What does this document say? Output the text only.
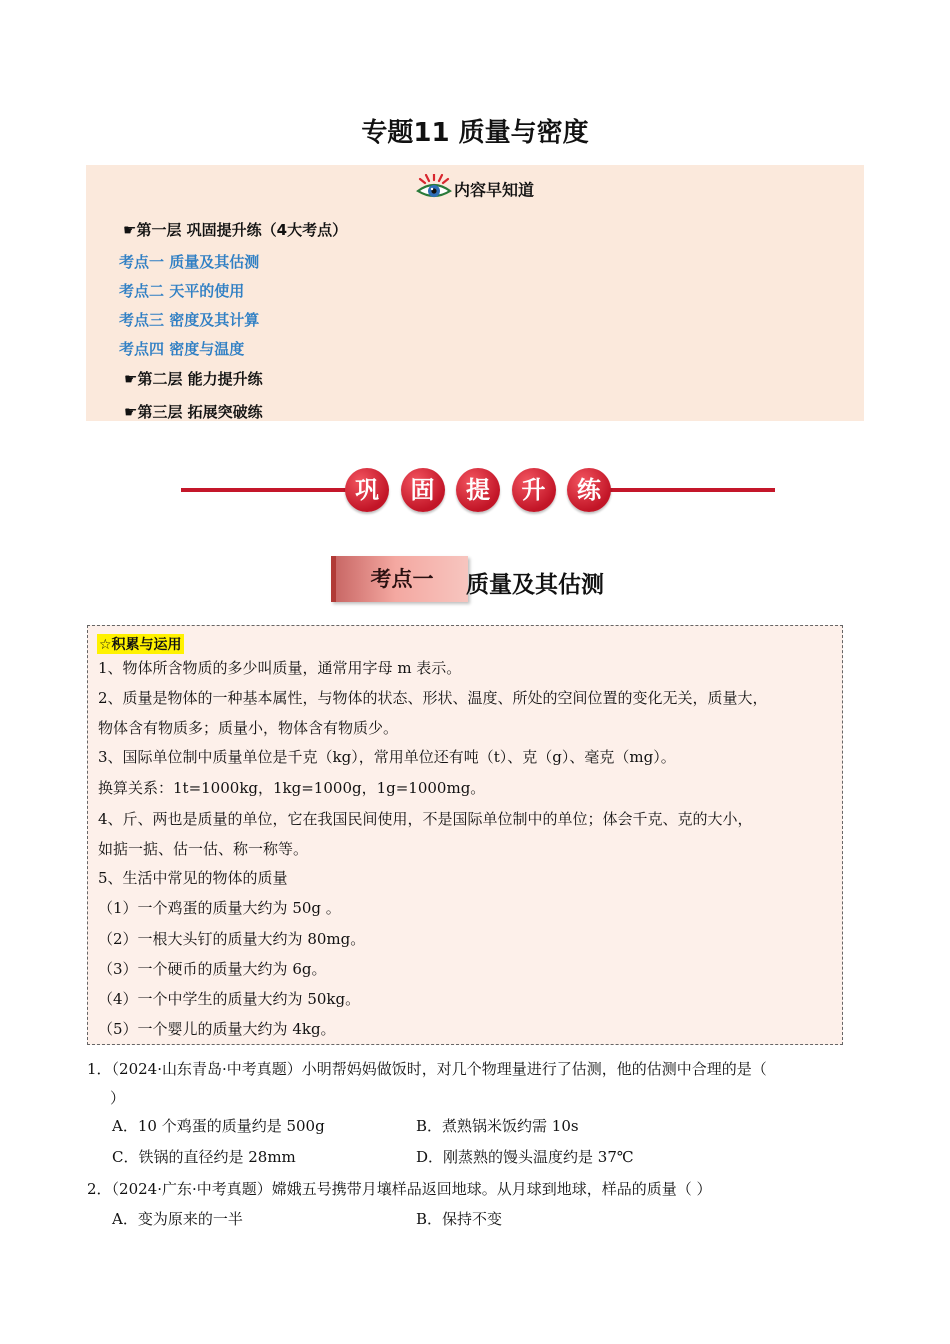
专题11 质量与密度
内容早知道
☛第一层 巩固提升练（4大考点）
考点一 质量及其估测
考点二 天平的使用
考点三 密度及其计算
考点四 密度与温度
☛第二层 能力提升练
☛第三层 拓展突破练
巩	固	提	升	练
考点一	质量及其估测
☆积累与运用
1、物体所含物质的多少叫质量，通常用字母 m 表示。
2、质量是物体的一种基本属性，与物体的状态、形状、温度、所处的空间位置的变化无关，质量大，
物体含有物质多；质量小，物体含有物质少。
3、国际单位制中质量单位是千克（kg），常用单位还有吨（t）、克（g）、毫克（mg）。
换算关系：1t=1000kg，1kg=1000g，1g=1000mg。
4、斤、两也是质量的单位，它在我国民间使用，不是国际单位制中的单位；体会千克、克的大小，
如掂一掂、估一估、称一称等。
5、生活中常见的物体的质量
（1）一个鸡蛋的质量大约为 50g 。
（2）一根大头钉的质量大约为 80mg。
（3）一个硬币的质量大约为 6g。
（4）一个中学生的质量大约为 50kg。
（5）一个婴儿的质量大约为 4kg。
1．（2024·山东青岛·中考真题）小明帮妈妈做饭时，对几个物理量进行了估测，他的估测中合理的是（
）
A．10 个鸡蛋的质量约是 500g	B．煮熟锅米饭约需 10s
C．铁锅的直径约是 28mm	D．刚蒸熟的馒头温度约是 37℃
2．（2024·广东·中考真题）嫦娥五号携带月壤样品返回地球。从月球到地球，样品的质量（ ）
A．变为原来的一半	B．保持不变
